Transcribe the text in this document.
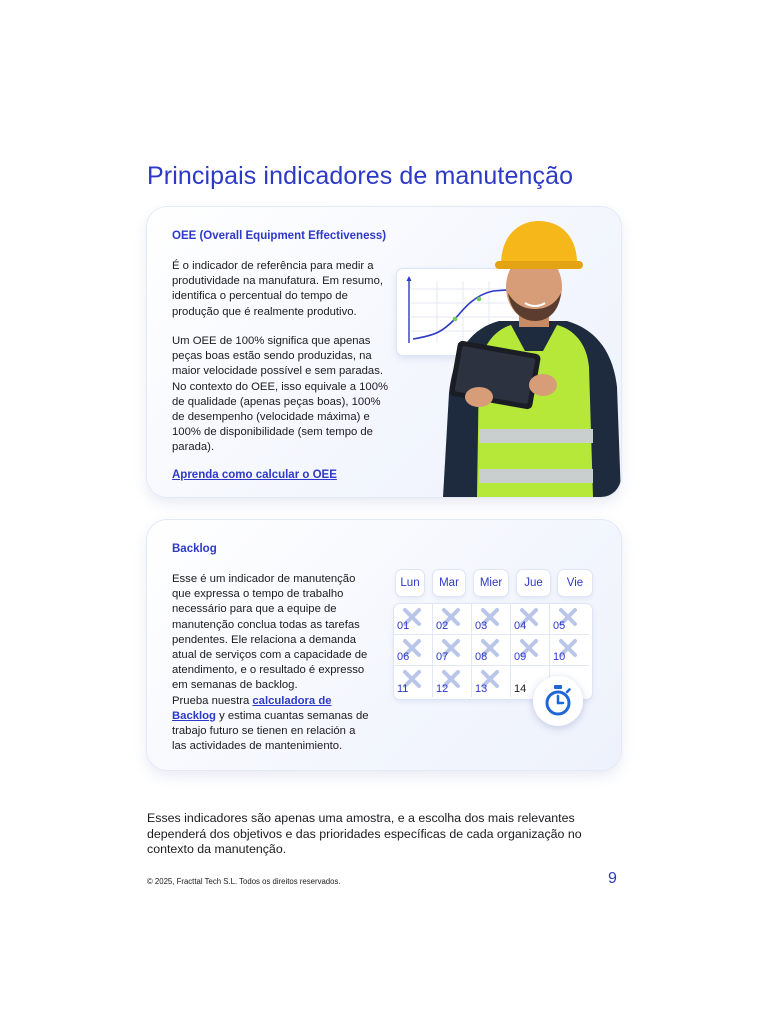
Principais indicadores de manutenção
OEE (Overall Equipment Effectiveness)

É o indicador de referência para medir a produtividade na manufatura. Em resumo, identifica o percentual do tempo de produção que é realmente produtivo.

Um OEE de 100% significa que apenas peças boas estão sendo produzidas, na maior velocidade possível e sem paradas. No contexto do OEE, isso equivale a 100% de qualidade (apenas peças boas), 100% de desempenho (velocidade máxima) e 100% de disponibilidade (sem tempo de parada).

Aprenda como calcular o OEE
Backlog

Esse é um indicador de manutenção que expressa o tempo de trabalho necessário para que a equipe de manutenção conclua todas as tarefas pendentes. Ele relaciona a demanda atual de serviços com a capacidade de atendimento, e o resultado é expresso em semanas de backlog.
Prueba nuestra calculadora de Backlog y estima cuantas semanas de trabajo futuro se tienen en relación a las actividades de mantenimiento.

Lun	Mar	Mier	Jue	Vie
01 02 03 04 05
06 07 08 09 10
11	12 13 14

Esses indicadores são apenas uma amostra, e a escolha dos mais relevantes dependerá dos objetivos e das prioridades específicas de cada organização no contexto da manutenção.

© 2025, Fracttal Tech S.L. Todos os direitos reservados.	9
